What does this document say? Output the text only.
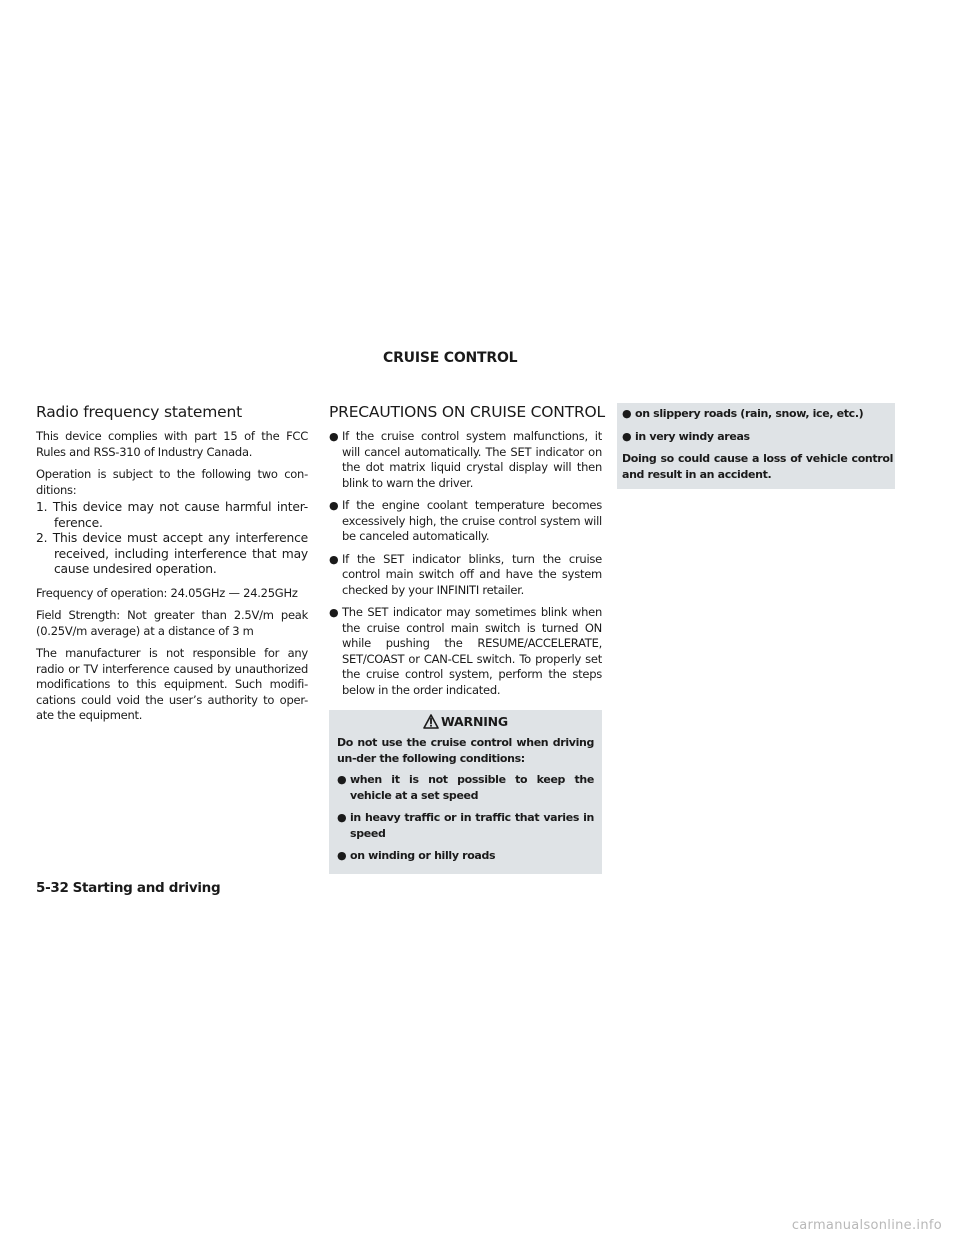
CRUISE CONTROL
Radio frequency statement

This device complies with part 15 of the FCC Rules and RSS-310 of Industry Canada.

Operation is subject to the following two con-ditions:

1. This device may not cause harmful inter-ference.
2. This device must accept any interference received, including interference that may cause undesired operation.

Frequency of operation: 24.05GHz — 24.25GHz

Field Strength: Not greater than 2.5V/m peak (0.25V/m average) at a distance of 3 m

The manufacturer is not responsible for any radio or TV interference caused by unauthorized modifications to this equipment. Such modifi-cations could void the user’s authority to oper-ate the equipment.

PRECAUTIONS ON CRUISE CONTROL
● If the cruise control system malfunctions, it will cancel automatically. The SET indicator on the dot matrix liquid crystal display will then blink to warn the driver.
● If the engine coolant temperature becomes excessively high, the cruise control system will be canceled automatically.
● If the SET indicator blinks, turn the cruise control main switch off and have the system checked by your INFINITI retailer.
● The SET indicator may sometimes blink when the cruise control main switch is turned ON while pushing the RESUME/ACCELERATE, SET/COAST or CAN-CEL switch. To properly set the cruise control system, perform the steps below in the order indicated.
WARNING

Do not use the cruise control when driving un-der the following conditions:

● when it is not possible to keep the vehicle at a set speed
● in heavy traffic or in traffic that varies in speed
● on winding or hilly roads
● on slippery roads (rain, snow, ice, etc.)
● in very windy areas

Doing so could cause a loss of vehicle control and result in an accident.

5-32 Starting and driving
carmanualsonline.info
